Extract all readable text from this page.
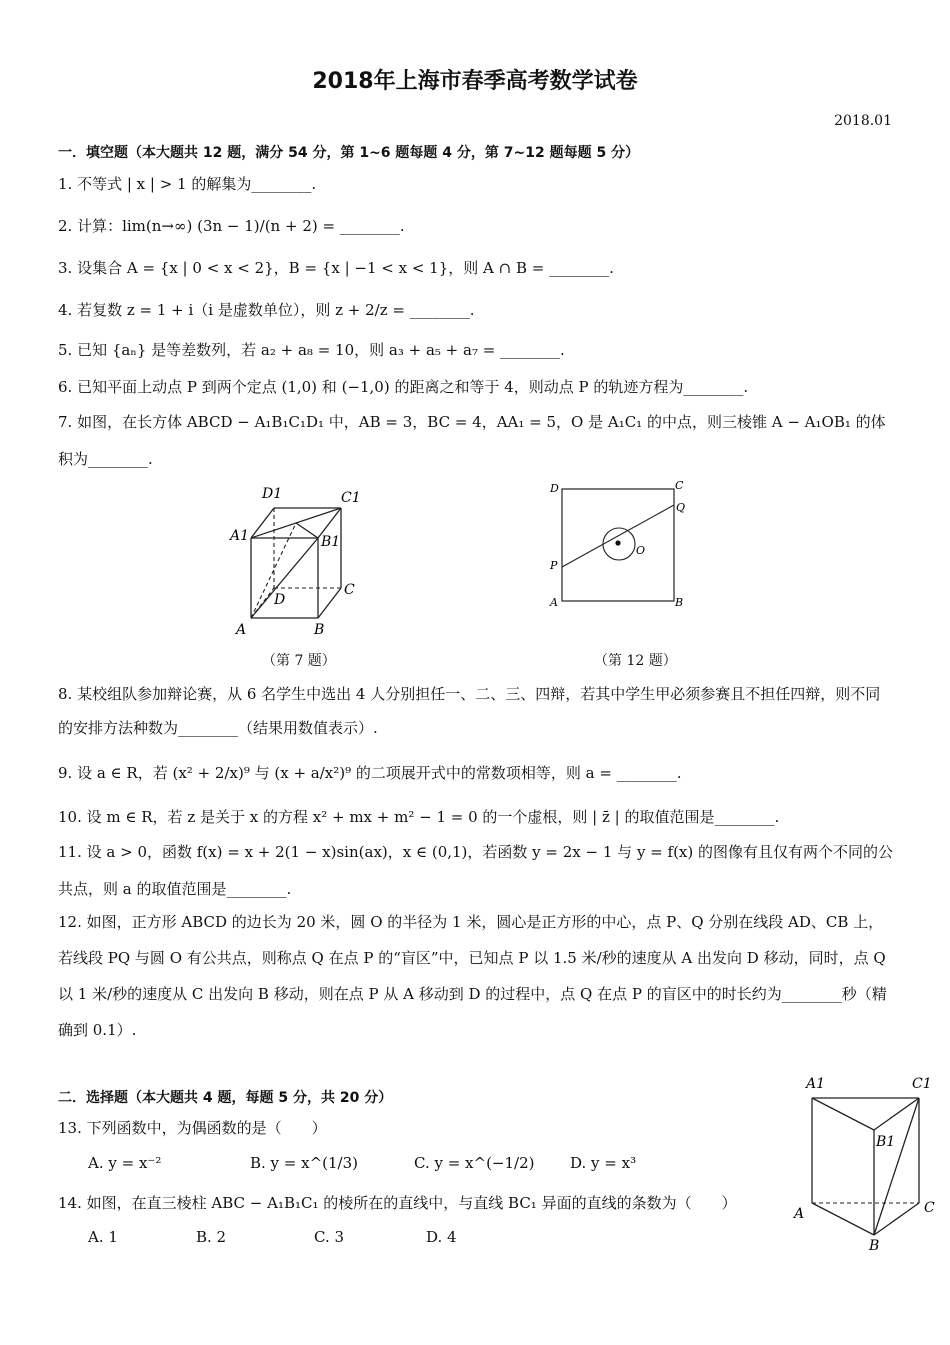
2018年上海市春季高考数学试卷
2018.01
一．填空题（本大题共 12 题，满分 54 分，第 1~6 题每题 4 分，第 7~12 题每题 5 分）
1. 不等式 | x | > 1 的解集为________.
2. 计算：lim(n→∞) (3n − 1)/(n + 2) = ________.
3. 设集合 A = {x | 0 < x < 2}，B = {x | −1 < x < 1}，则 A ∩ B = ________.
4. 若复数 z = 1 + i（i 是虚数单位），则 z + 2/z = ________.
5. 已知 {aₙ} 是等差数列，若 a₂ + a₈ = 10，则 a₃ + a₅ + a₇ = ________.
6. 已知平面上动点 P 到两个定点 (1,0) 和 (−1,0) 的距离之和等于 4，则动点 P 的轨迹方程为________.
7. 如图，在长方体 ABCD − A₁B₁C₁D₁ 中，AB = 3，BC = 4，AA₁ = 5，O 是 A₁C₁ 的中点，则三棱锥 A − A₁OB₁ 的体积为________.
D1	C1
A1	B1
D
C
A	B
（第 7 题）
D	C
Q
O
P
A	B
（第 12 题）
8. 某校组队参加辩论赛，从 6 名学生中选出 4 人分别担任一、二、三、四辩，若其中学生甲必须参赛且不担任四辩，则不同的安排方法种数为________（结果用数值表示）.
9. 设 a ∈ R，若 (x² + 2/x)⁹ 与 (x + a/x²)⁹ 的二项展开式中的常数项相等，则 a = ________.
10. 设 m ∈ R，若 z 是关于 x 的方程 x² + mx + m² − 1 = 0 的一个虚根，则 | z̄ | 的取值范围是________.
11. 设 a > 0，函数 f(x) = x + 2(1 − x)sin(ax)，x ∈ (0,1)，若函数 y = 2x − 1 与 y = f(x) 的图像有且仅有两个不同的公共点，则 a 的取值范围是________.
12. 如图，正方形 ABCD 的边长为 20 米，圆 O 的半径为 1 米，圆心是正方形的中心，点 P、Q 分别在线段 AD、CB 上，若线段 PQ 与圆 O 有公共点，则称点 Q 在点 P 的“盲区”中，已知点 P 以 1.5 米/秒的速度从 A 出发向 D 移动，同时，点 Q 以 1 米/秒的速度从 C 出发向 B 移动，则在点 P 从 A 移动到 D 的过程中，点 Q 在点 P 的盲区中的时长约为________秒（精确到 0.1）.
二．选择题（本大题共 4 题，每题 5 分，共 20 分）
13. 下列函数中，为偶函数的是（　　）
A. y = x⁻²	B. y = x^(1/3)	C. y = x^(−1/2) D. y = x³
14. 如图，在直三棱柱 ABC − A₁B₁C₁ 的棱所在的直线中，与直线 BC₁ 异面的直线的条数为（　　）
A. 1	B. 2	C. 3	D. 4
A1	C1
B1
A	C
B
